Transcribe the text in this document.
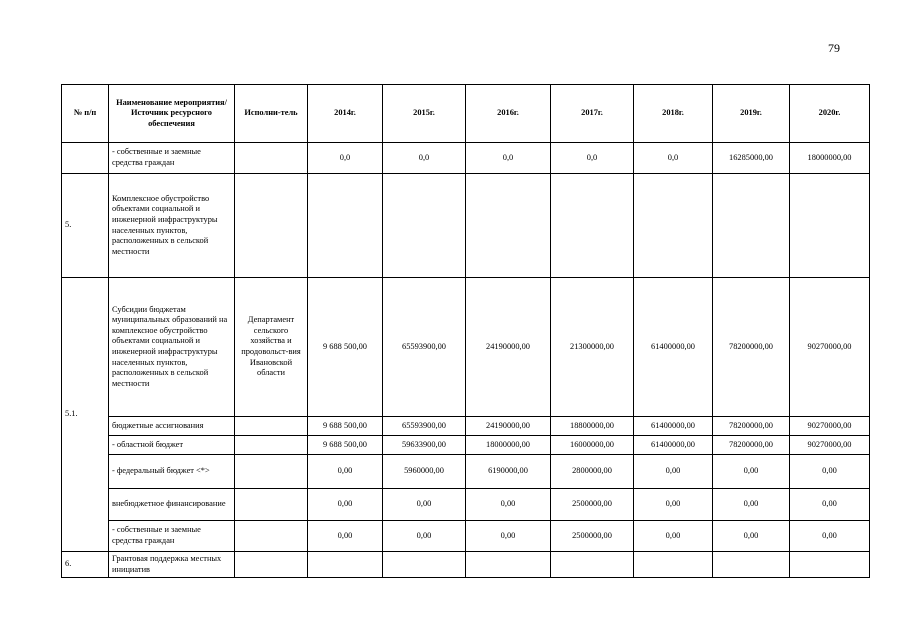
79
№ п/п	Наименование мероприятия/ Источник ресурсного обеспечения	Исполни-тель	2014г.	2015г.	2016г.	2017г.	2018г.	2019г.	2020г.
	- собственные и заемные средства граждан		0,0	0,0	0,0	0,0	0,0	16285000,00	18000000,00
5.	Комплексное обустройство объектами социальной и инженерной инфраструктуры населенных пунктов, расположенных в сельской местности								
5.1.	Субсидии бюджетам муниципальных образований на комплексное обустройство объектами социальной и инженерной инфраструктуры населенных пунктов, расположенных в сельской местности	Департамент сельского хозяйства и продовольст-вия Ивановской области	9 688 500,00	65593900,00	24190000,00	21300000,00	61400000,00	78200000,00	90270000,00
	бюджетные ассигнования		9 688 500,00	65593900,00	24190000,00	18800000,00	61400000,00	78200000,00	90270000,00
	- областной бюджет		9 688 500,00	59633900,00	18000000,00	16000000,00	61400000,00	78200000,00	90270000,00
	- федеральный бюджет <*>		0,00	5960000,00	6190000,00	2800000,00	0,00	0,00	0,00
	внебюджетное финансирование		0,00	0,00	0,00	2500000,00	0,00	0,00	0,00
	- собственные и заемные средства граждан		0,00	0,00	0,00	2500000,00	0,00	0,00	0,00
6.	Грантовая поддержка местных инициатив								
